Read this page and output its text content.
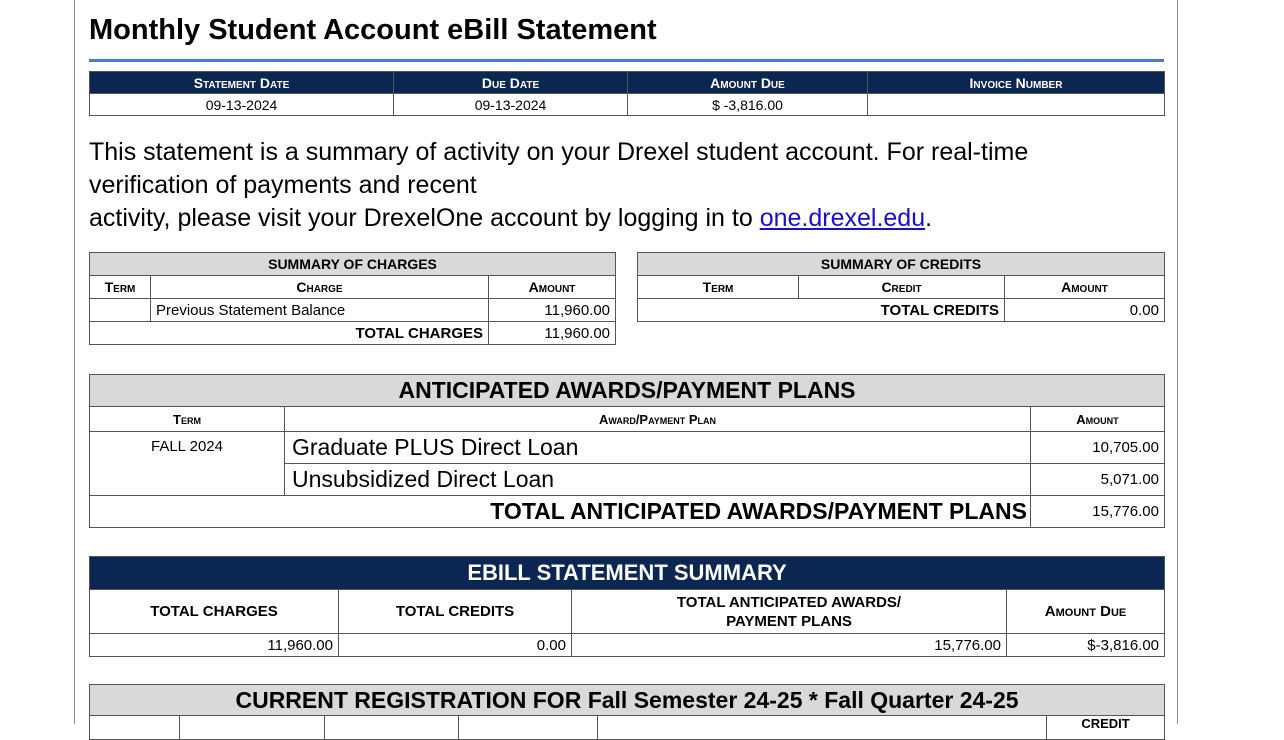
Monthly Student Account eBill Statement
Statement Date	Due Date	Amount Due	Invoice Number
09-13-2024	09-13-2024	$ -3,816.00	
This statement is a summary of activity on your Drexel student account. For real-time
verification of payments and recent
activity, please visit your DrexelOne account by logging in to one.drexel.edu.
SUMMARY OF CHARGES		
Term	Charge	Amount
	Previous Statement Balance	11,960.00
TOTAL CHARGES		11,960.00
SUMMARY OF CREDITS		
Term	Credit	Amount
TOTAL CREDITS		0.00
ANTICIPATED AWARDS/PAYMENT PLANS		
Term	Award/Payment Plan	Amount
FALL 2024	Graduate PLUS Direct Loan	10,705.00
	Unsubsidized Direct Loan	5,071.00
TOTAL ANTICIPATED AWARDS/PAYMENT PLANS		15,776.00
EBILL STATEMENT SUMMARY			
TOTAL CHARGES	TOTAL CREDITS	TOTAL ANTICIPATED AWARDS/
PAYMENT PLANS	Amount Due
11,960.00	0.00	15,776.00	$-3,816.00
CURRENT REGISTRATION FOR Fall Semester 24-25 * Fall Quarter 24-25
					CREDIT
